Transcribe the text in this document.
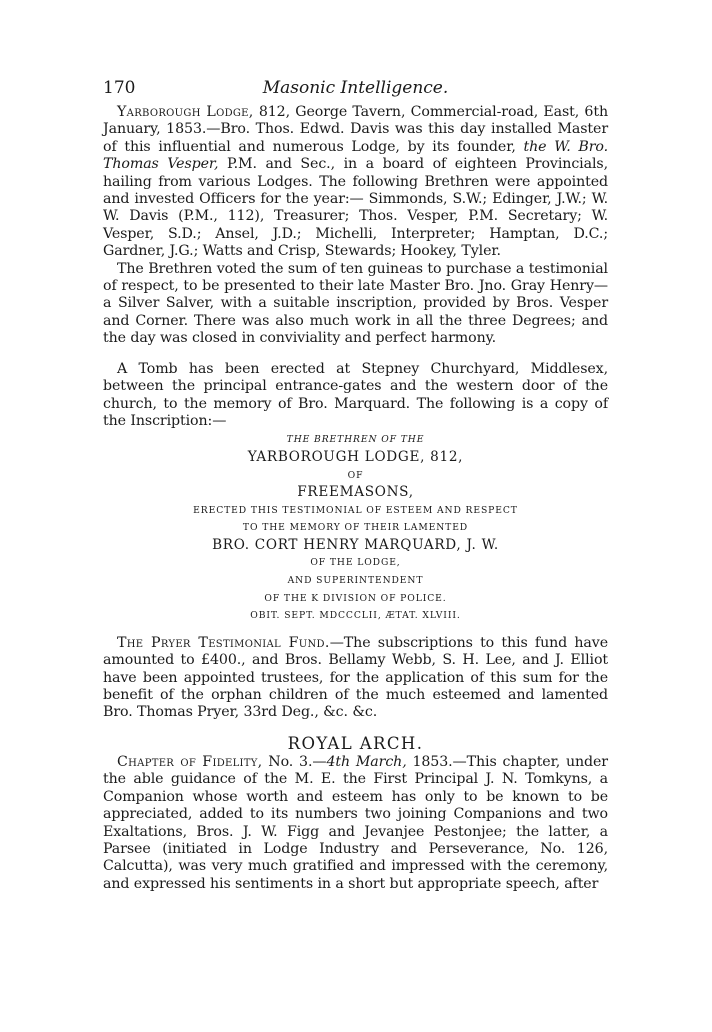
170	Masonic Intelligence.

Yarborough Lodge, 812, George Tavern, Commercial-road, East, 6th January, 1853.—Bro. Thos. Edwd. Davis was this day installed Master of this influential and numerous Lodge, by its founder, the W. Bro. Thomas Vesper, P.M. and Sec., in a board of eighteen Provincials, hailing from various Lodges. The following Brethren were appointed and invested Officers for the year:— Simmonds, S.W.; Edinger, J.W.; W. W. Davis (P.M., 112), Treasurer; Thos. Vesper, P.M. Secretary; W. Vesper, S.D.; Ansel, J.D.; Michelli, Interpreter; Hamptan, D.C.; Gardner, J.G.; Watts and Crisp, Stewards; Hookey, Tyler.

The Brethren voted the sum of ten guineas to purchase a testimonial of respect, to be presented to their late Master Bro. Jno. Gray Henry—a Silver Salver, with a suitable inscription, provided by Bros. Vesper and Corner. There was also much work in all the three Degrees; and the day was closed in conviviality and perfect harmony.

A Tomb has been erected at Stepney Churchyard, Middlesex, between the principal entrance-gates and the western door of the church, to the memory of Bro. Marquard. The following is a copy of the Inscription:—

THE BRETHREN OF THE
YARBOROUGH LODGE, 812,
OF
FREEMASONS,
ERECTED THIS TESTIMONIAL OF ESTEEM AND RESPECT
TO THE MEMORY OF THEIR LAMENTED
BRO. CORT HENRY MARQUARD, J. W.
OF THE LODGE,
AND SUPERINTENDENT
OF THE K DIVISION OF POLICE.
OBIT. SEPT. MDCCCLII, ÆTAT. XLVIII.

The Pryer Testimonial Fund.—The subscriptions to this fund have amounted to £400., and Bros. Bellamy Webb, S. H. Lee, and J. Elliot have been appointed trustees, for the application of this sum for the benefit of the orphan children of the much esteemed and lamented Bro. Thomas Pryer, 33rd Deg., &c. &c.

ROYAL ARCH.

Chapter of Fidelity, No. 3.—4th March, 1853.—This chapter, under the able guidance of the M. E. the First Principal J. N. Tomkyns, a Companion whose worth and esteem has only to be known to be appreciated, added to its numbers two joining Companions and two Exaltations, Bros. J. W. Figg and Jevanjee Pestonjee; the latter, a Parsee (initiated in Lodge Industry and Perseverance, No. 126, Calcutta), was very much gratified and impressed with the ceremony, and expressed his sentiments in a short but appropriate speech, after
